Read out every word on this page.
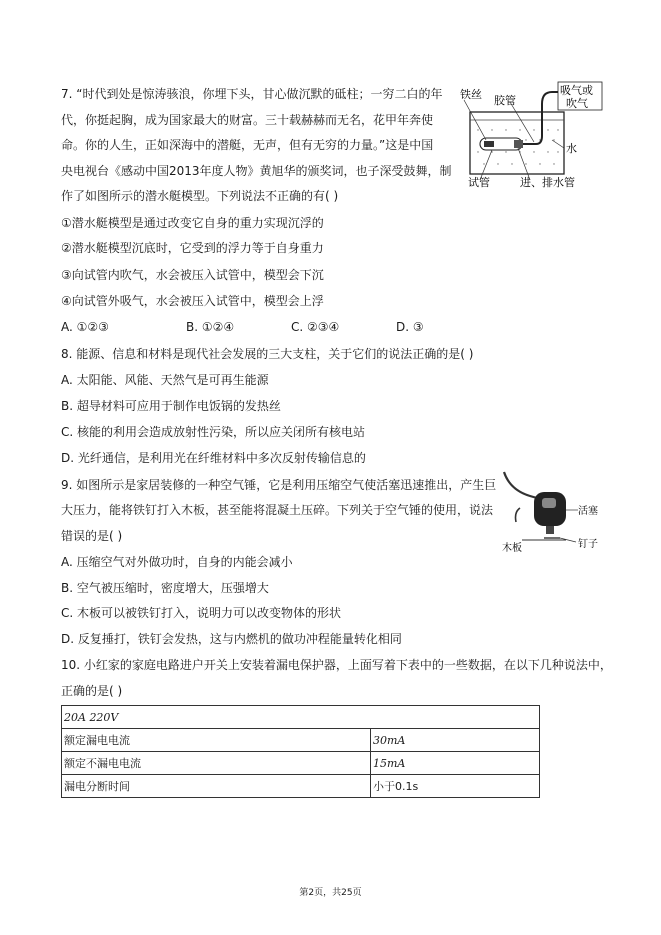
7. “时代到处是惊涛骇浪，你埋下头，甘心做沉默的砥柱；一穷二白的年
代，你挺起胸，成为国家最大的财富。三十载赫赫而无名，花甲年奔使
命。你的人生，正如深海中的潜艇，无声，但有无穷的力量。”这是中国
央电视台《感动中国2013年度人物》黄旭华的颁奖词，也子深受鼓舞，制
作了如图所示的潜水艇模型。下列说法不正确的有( )
①潜水艇模型是通过改变它自身的重力实现沉浮的
②潜水艇模型沉底时，它受到的浮力等于自身重力
③向试管内吹气，水会被压入试管中，模型会下沉
④向试管外吸气，水会被压入试管中，模型会上浮
A. ①②③	B. ①②④	C. ②③④	D. ③
铁丝 胶管
吸气或
吹气
水
试管	进、排水管
8. 能源、信息和材料是现代社会发展的三大支柱，关于它们的说法正确的是( )
A. 太阳能、风能、天然气是可再生能源
B. 超导材料可应用于制作电饭锅的发热丝
C. 核能的利用会造成放射性污染，所以应关闭所有核电站
D. 光纤通信，是利用光在纤维材料中多次反射传输信息的
9. 如图所示是家居装修的一种空气锤，它是利用压缩空气使活塞迅速推出，产生巨
大压力，能将铁钉打入木板，甚至能将混凝土压碎。下列关于空气锤的使用，说法
错误的是( )
A. 压缩空气对外做功时，自身的内能会减小
B. 空气被压缩时，密度增大，压强增大
C. 木板可以被铁钉打入，说明力可以改变物体的形状
D. 反复捶打，铁钉会发热，这与内燃机的做功冲程能量转化相同
活塞
钉子
木板
10. 小红家的家庭电路进户开关上安装着漏电保护器，上面写着下表中的一些数据，在以下几种说法中，
正确的是( )
20A 220V	
额定漏电电流	30mA
额定不漏电电流	15mA
漏电分断时间	小于0.1s
第2页，共25页
